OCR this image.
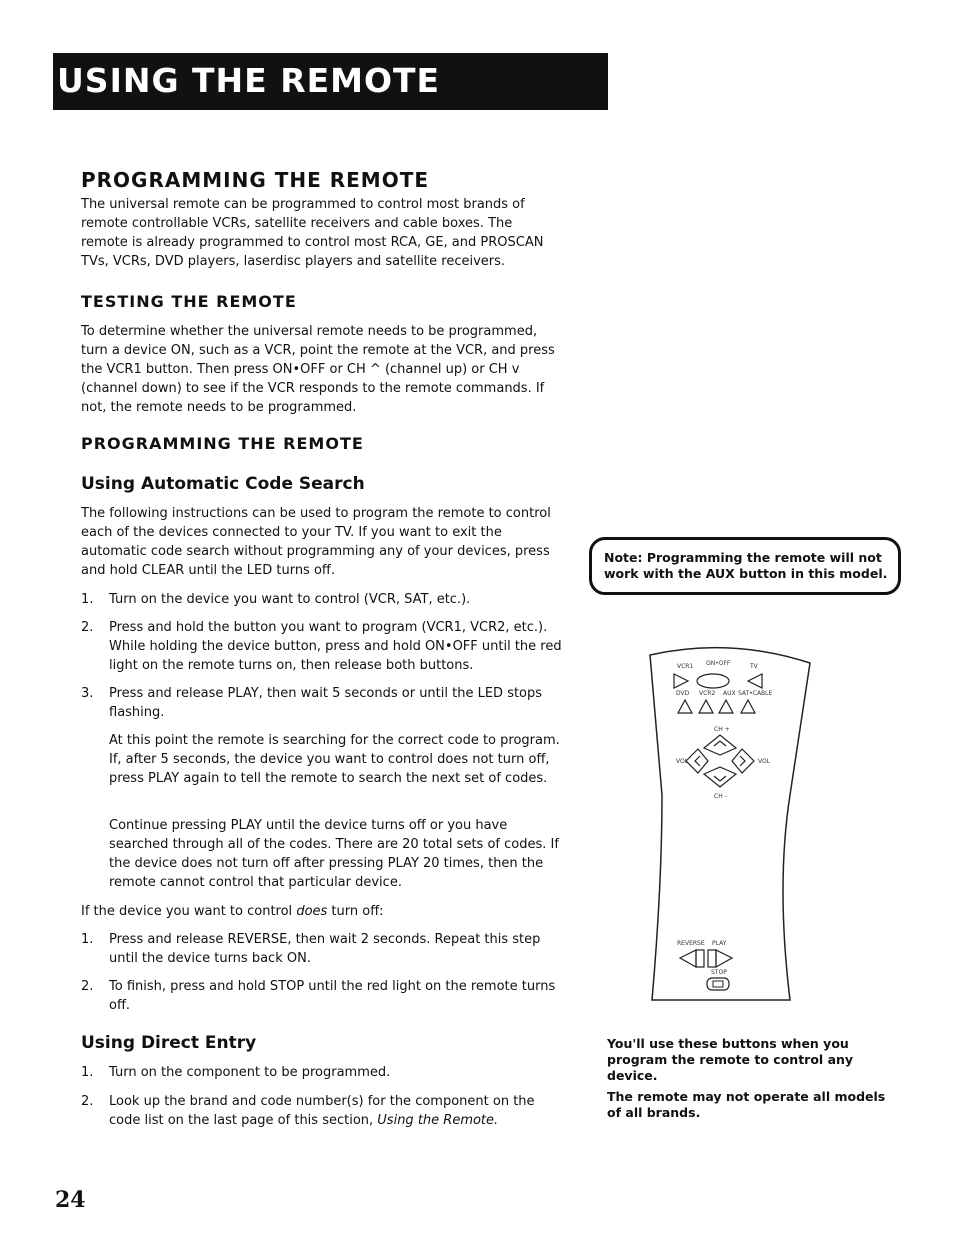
USING THE REMOTE
PROGRAMMING THE REMOTE
The universal remote can be programmed to control most brands of remote controllable VCRs, satellite receivers and cable boxes. The remote is already programmed to control most RCA, GE, and PROSCAN TVs, VCRs, DVD players, laserdisc players and satellite receivers.
TESTING THE REMOTE
To determine whether the universal remote needs to be programmed, turn a device ON, such as a VCR, point the remote at the VCR, and press the VCR1 button. Then press ON•OFF or CH ^ (channel up) or CH v (channel down) to see if the VCR responds to the remote commands. If not, the remote needs to be programmed.
PROGRAMMING THE REMOTE
Using Automatic Code Search
The following instructions can be used to program the remote to control each of the devices connected to your TV. If you want to exit the automatic code search without programming any of your devices, press and hold CLEAR until the LED turns off.
1. Turn on the device you want to control (VCR, SAT, etc.).
2. Press and hold the button you want to program (VCR1, VCR2, etc.). While holding the device button, press and hold ON•OFF until the red light on the remote turns on, then release both buttons.
3. Press and release PLAY, then wait 5 seconds or until the LED stops flashing.
At this point the remote is searching for the correct code to program. If, after 5 seconds, the device you want to control does not turn off, press PLAY again to tell the remote to search the next set of codes.
Continue pressing PLAY until the device turns off or you have searched through all of the codes. There are 20 total sets of codes. If the device does not turn off after pressing PLAY 20 times, then the remote cannot control that particular device.
If the device you want to control does turn off:
1. Press and release REVERSE, then wait 2 seconds. Repeat this step until the device turns back ON.
2. To finish, press and hold STOP until the red light on the remote turns off.
Using Direct Entry
1. Turn on the component to be programmed.
2. Look up the brand and code number(s) for the component on the code list on the last page of this section, Using the Remote.
Note: Programming the remote will not work with the AUX button in this model.
VCR1 ON•OFF	TV
DVD VCR2 AUX SAT•CABLE
CH +
VOL	VOL
CH -
REVERSE PLAY
STOP
You'll use these buttons when you program the remote to control any device.
The remote may not operate all models of all brands.
24
